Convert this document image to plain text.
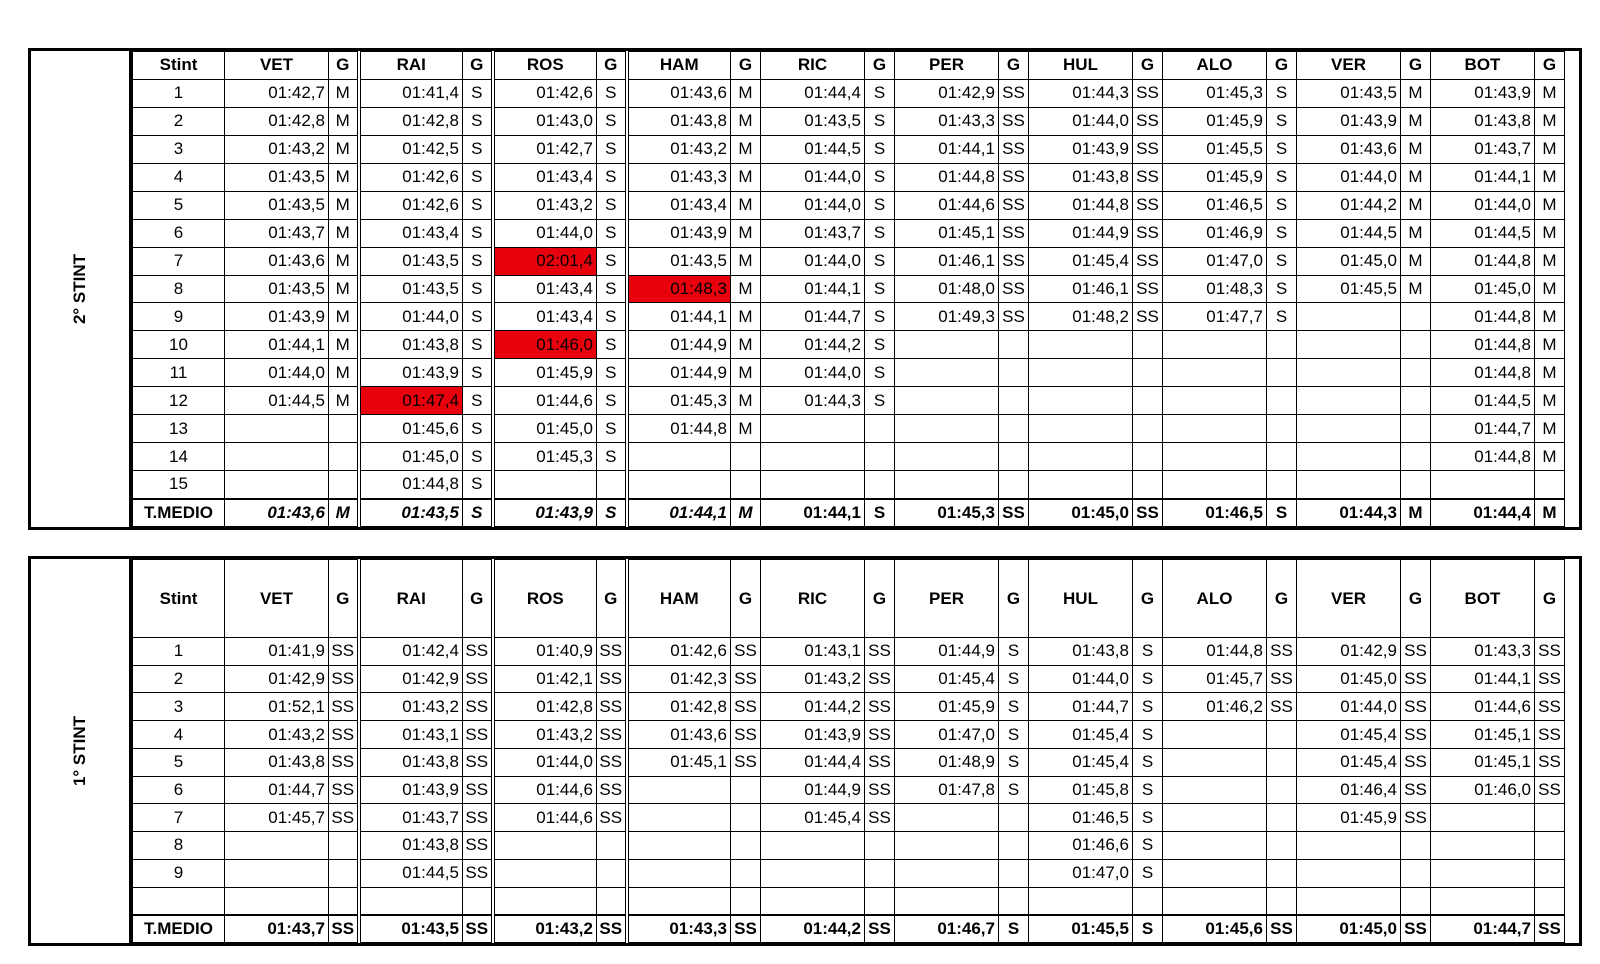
2° STINT
Stint	VET	G	RAI	G	ROS	G	HAM	G	RIC	G	PER	G	HUL	G	ALO	G	VER	G	BOT	G
1	01:42,7	M	01:41,4	S	01:42,6	S	01:43,6	M	01:44,4	S	01:42,9	SS	01:44,3	SS	01:45,3	S	01:43,5	M	01:43,9	M
2	01:42,8	M	01:42,8	S	01:43,0	S	01:43,8	M	01:43,5	S	01:43,3	SS	01:44,0	SS	01:45,9	S	01:43,9	M	01:43,8	M
3	01:43,2	M	01:42,5	S	01:42,7	S	01:43,2	M	01:44,5	S	01:44,1	SS	01:43,9	SS	01:45,5	S	01:43,6	M	01:43,7	M
4	01:43,5	M	01:42,6	S	01:43,4	S	01:43,3	M	01:44,0	S	01:44,8	SS	01:43,8	SS	01:45,9	S	01:44,0	M	01:44,1	M
5	01:43,5	M	01:42,6	S	01:43,2	S	01:43,4	M	01:44,0	S	01:44,6	SS	01:44,8	SS	01:46,5	S	01:44,2	M	01:44,0	M
6	01:43,7	M	01:43,4	S	01:44,0	S	01:43,9	M	01:43,7	S	01:45,1	SS	01:44,9	SS	01:46,9	S	01:44,5	M	01:44,5	M
7	01:43,6	M	01:43,5	S	02:01,4	S	01:43,5	M	01:44,0	S	01:46,1	SS	01:45,4	SS	01:47,0	S	01:45,0	M	01:44,8	M
8	01:43,5	M	01:43,5	S	01:43,4	S	01:48,3	M	01:44,1	S	01:48,0	SS	01:46,1	SS	01:48,3	S	01:45,5	M	01:45,0	M
9	01:43,9	M	01:44,0	S	01:43,4	S	01:44,1	M	01:44,7	S	01:49,3	SS	01:48,2	SS	01:47,7	S			01:44,8	M
10	01:44,1	M	01:43,8	S	01:46,0	S	01:44,9	M	01:44,2	S									01:44,8	M
11	01:44,0	M	01:43,9	S	01:45,9	S	01:44,9	M	01:44,0	S									01:44,8	M
12	01:44,5	M	01:47,4	S	01:44,6	S	01:45,3	M	01:44,3	S									01:44,5	M
13			01:45,6	S	01:45,0	S	01:44,8	M											01:44,7	M
14			01:45,0	S	01:45,3	S													01:44,8	M
15			01:44,8	S																
T.MEDIO	01:43,6	M	01:43,5	S	01:43,9	S	01:44,1	M	01:44,1	S	01:45,3	SS	01:45,0	SS	01:46,5	S	01:44,3	M	01:44,4	M
1° STINT
Stint	VET	G	RAI	G	ROS	G	HAM	G	RIC	G	PER	G	HUL	G	ALO	G	VER	G	BOT	G
1	01:41,9	SS	01:42,4	SS	01:40,9	SS	01:42,6	SS	01:43,1	SS	01:44,9	S	01:43,8	S	01:44,8	SS	01:42,9	SS	01:43,3	SS
2	01:42,9	SS	01:42,9	SS	01:42,1	SS	01:42,3	SS	01:43,2	SS	01:45,4	S	01:44,0	S	01:45,7	SS	01:45,0	SS	01:44,1	SS
3	01:52,1	SS	01:43,2	SS	01:42,8	SS	01:42,8	SS	01:44,2	SS	01:45,9	S	01:44,7	S	01:46,2	SS	01:44,0	SS	01:44,6	SS
4	01:43,2	SS	01:43,1	SS	01:43,2	SS	01:43,6	SS	01:43,9	SS	01:47,0	S	01:45,4	S			01:45,4	SS	01:45,1	SS
5	01:43,8	SS	01:43,8	SS	01:44,0	SS	01:45,1	SS	01:44,4	SS	01:48,9	S	01:45,4	S			01:45,4	SS	01:45,1	SS
6	01:44,7	SS	01:43,9	SS	01:44,6	SS			01:44,9	SS	01:47,8	S	01:45,8	S			01:46,4	SS	01:46,0	SS
7	01:45,7	SS	01:43,7	SS	01:44,6	SS			01:45,4	SS			01:46,5	S			01:45,9	SS		
8			01:43,8	SS									01:46,6	S						
9			01:44,5	SS									01:47,0	S						

T.MEDIO	01:43,7	SS	01:43,5	SS	01:43,2	SS	01:43,3	SS	01:44,2	SS	01:46,7	S	01:45,5	S	01:45,6	SS	01:45,0	SS	01:44,7	SS
